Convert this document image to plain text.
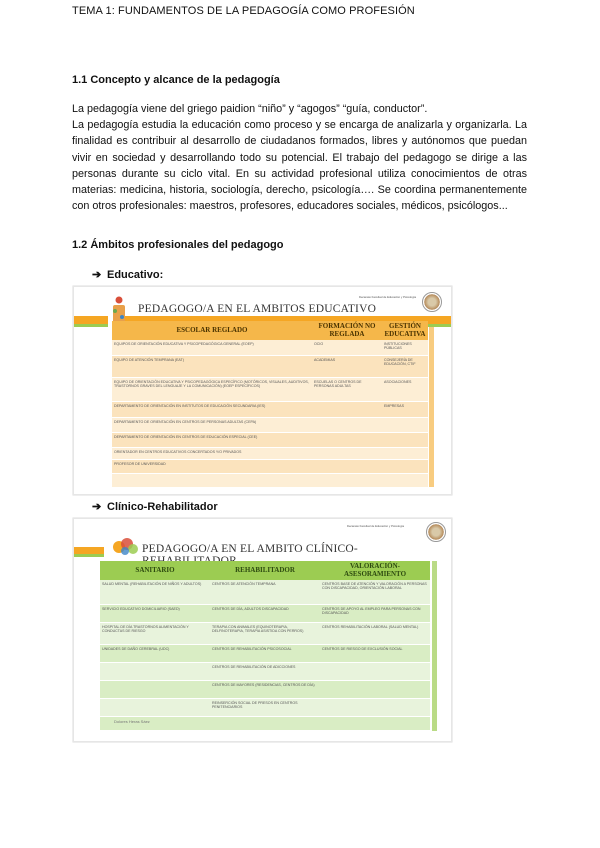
TEMA 1: FUNDAMENTOS DE LA PEDAGOGÍA COMO PROFESIÓN
1.1 Concepto y alcance de la pedagogía

La pedagogía viene del griego paidion “niño” y “agogos” “guía, conductor”.

La pedagogía estudia la educación como proceso y se encarga de analizarla y organizarla. La finalidad es contribuir al desarrollo de ciudadanos formados, libres y autónomos que puedan vivir en sociedad y desarrollando todo su potencial. El trabajo del pedagogo se dirige a las personas durante su ciclo vital. En su actividad profesional utiliza conocimientos de otras materias: medicina, historia, sociología, derecho, psicología…. Se coordina permanentemente con otros profesionales: maestros, profesores, educadores sociales, médicos, psicólogos...

1.2 Ámbitos profesionales del pedagogo
➔ Educativo:
PEDAGOGO/A EN EL AMBITOS EDUCATIVO
Decanato Facultad de Educación y Psicología
ESCOLAR REGLADO	FORMACIÓN NO REGLADA	GESTIÓN EDUCATIVA
EQUIPOS DE ORIENTACIÓN EDUCATIVA Y PSICOPEDAGÓGICA GENERAL (EOEP)	OCIO	INSTITUCIONES PÚBLICAS
EQUIPO DE ATENCIÓN TEMPRANA (EAT)	ACADEMIAS	CONSEJERÍA DE EDUCACIÓN, CTIF
EQUIPO DE ORIENTACIÓN EDUCATIVA Y PSICOPEDAGÓGICA ESPECÍFICO (MOTÓRICOS, VISUALES, AUDITIVOS, TRASTORNOS GRAVES DEL LENGUAJE Y LA COMUNICACIÓN) (EOEP ESPECÍFICOS)	ESCUELAS O CENTROS DE PERSONAS ADULTAS	ASOCIACIONES
DEPARTAMENTO DE ORIENTACIÓN EN INSTITUTOS DE EDUCACIÓN SECUNDARIA (IES)		EMPRESAS
DEPARTAMENTO DE ORIENTACIÓN EN CENTROS DE PERSONAS ADULTAS (CEPA)		
DEPARTAMENTO DE ORIENTACIÓN EN CENTROS DE EDUCACIÓN ESPECIAL (CEE)		
ORIENTADOR EN CENTROS EDUCATIVOS CONCERTADOS Y/O PRIVADOS		
PROFESOR DE UNIVERSIDAD		

➔ Clínico-Rehabilitador
PEDAGOGO/A EN EL AMBITO CLÍNICO-
Decanato Facultad de Educación y Psicología
SANITARIO	REHABILITADOR	VALORACIÓN-ASESORAMIENTO
SALUD MENTAL (REHABILITACIÓN DE NIÑOS Y ADULTOS)	CENTROS DE ATENCIÓN TEMPRANA	CENTROS BASE DE ATENCIÓN Y VALORACIÓN A PERSONAS CON DISCAPACIDAD, ORIENTACIÓN LABORAL
SERVICIO EDUCATIVO DOMICILIARIO (SAED)	CENTROS DE DÍA, ADULTOS DISCAPACIDAD	CENTROS DE APOYO AL EMPLEO PARA PERSONAS CON DISCAPACIDAD
HOSPITAL DE DÍA TRASTORNOS ALIMENTACIÓN Y CONDUCTAS DE RIESGO	TERAPIA CON ANIMALES (EQUINOTERAPIA, DELFINOTERAPIA, TERAPIA ASISTIDA CON PERROS)	CENTROS REHABILITACIÓN LABORAL (SALUD MENTAL)
UNIDADES DE DAÑO CEREBRAL (UDC)	CENTROS DE REHABILITACIÓN PSICOSOCIAL	CENTROS DE RIESGO DE EXCLUSIÓN SOCIAL
	CENTROS DE REHABILITACIÓN DE ADICCIONES	
	CENTROS DE MAYORES (RESIDENCIAS, CENTROS DE DÍA)	
	REINSERCIÓN SOCIAL DE PRESOS EN CENTROS PENITENCIARIOS	

Dolores Heras Sáez
